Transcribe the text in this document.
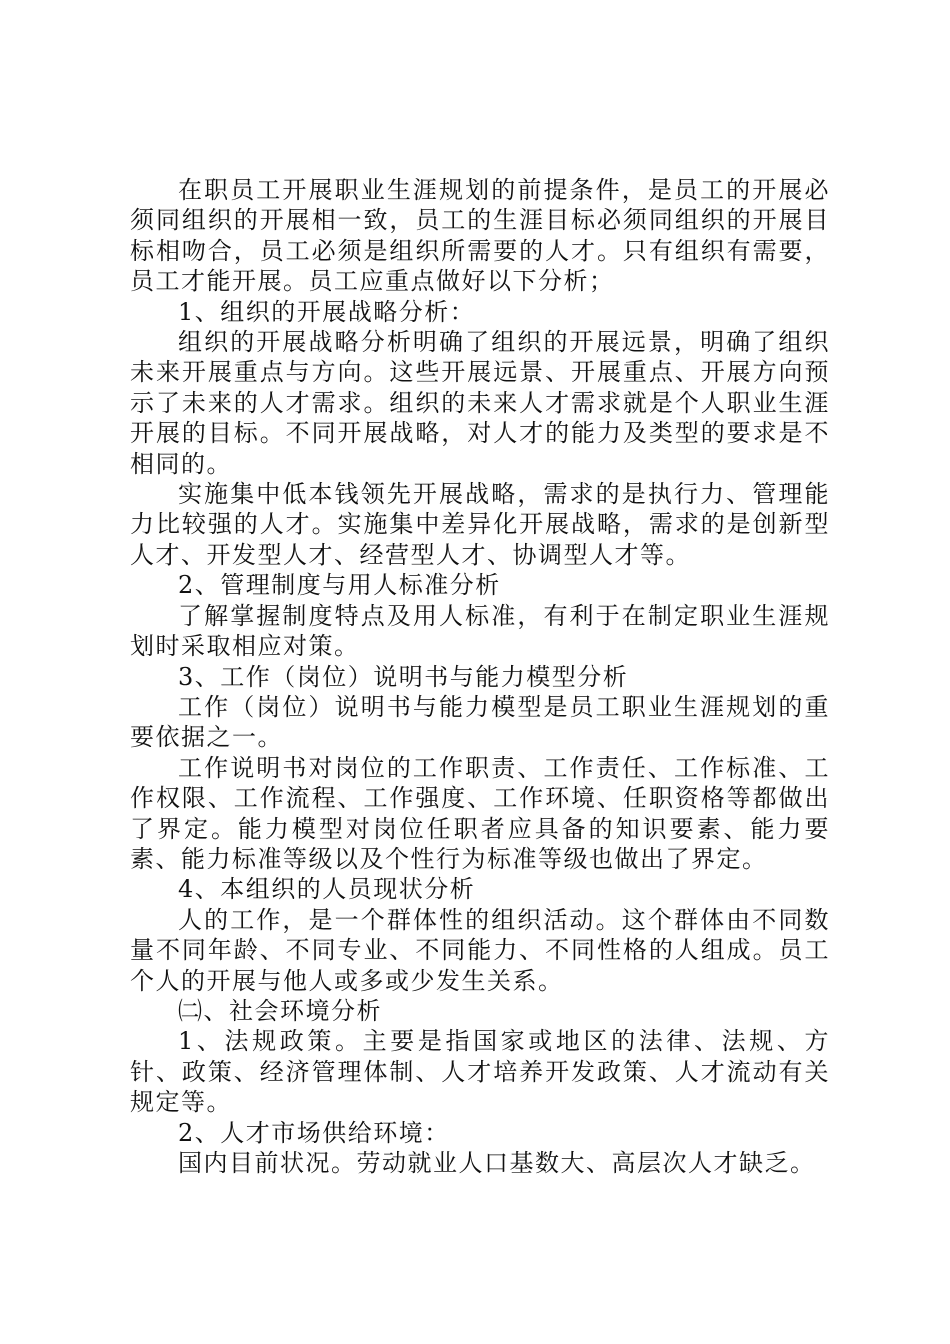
在职员工开展职业生涯规划的前提条件，是员工的开展必须同组织的开展相一致，员工的生涯目标必须同组织的开展目标相吻合，员工必须是组织所需要的人才。只有组织有需要，员工才能开展。员工应重点做好以下分析；

1、组织的开展战略分析：

组织的开展战略分析明确了组织的开展远景，明确了组织未来开展重点与方向。这些开展远景、开展重点、开展方向预示了未来的人才需求。组织的未来人才需求就是个人职业生涯开展的目标。不同开展战略，对人才的能力及类型的要求是不相同的。

实施集中低本钱领先开展战略，需求的是执行力、管理能力比较强的人才。实施集中差异化开展战略，需求的是创新型人才、开发型人才、经营型人才、协调型人才等。

2、管理制度与用人标准分析

了解掌握制度特点及用人标准，有利于在制定职业生涯规划时采取相应对策。

3、工作（岗位）说明书与能力模型分析

工作（岗位）说明书与能力模型是员工职业生涯规划的重要依据之一。

工作说明书对岗位的工作职责、工作责任、工作标准、工作权限、工作流程、工作强度、工作环境、任职资格等都做出了界定。能力模型对岗位任职者应具备的知识要素、能力要素、能力标准等级以及个性行为标准等级也做出了界定。

4、本组织的人员现状分析

人的工作，是一个群体性的组织活动。这个群体由不同数量不同年龄、不同专业、不同能力、不同性格的人组成。员工个人的开展与他人或多或少发生关系。

㈡、社会环境分析

1、法规政策。主要是指国家或地区的法律、法规、方针、政策、经济管理体制、人才培养开发政策、人才流动有关规定等。

2、人才市场供给环境：

国内目前状况。劳动就业人口基数大、高层次人才缺乏。
